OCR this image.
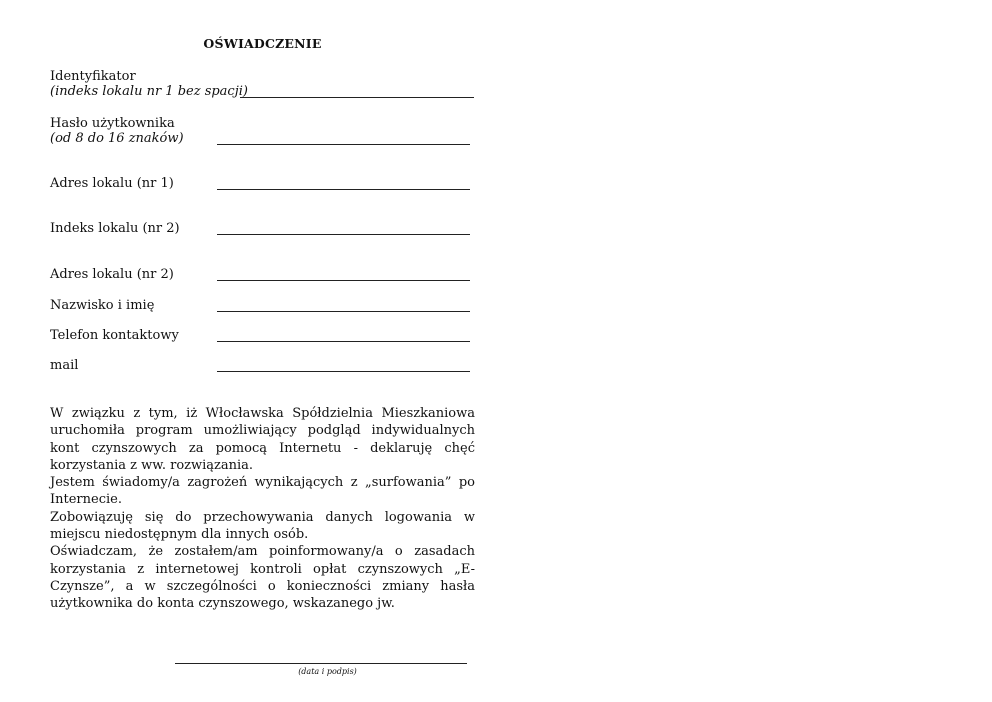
OŚWIADCZENIE
Identyfikator
(indeks lokalu nr 1 bez spacji)
Hasło użytkownika
(od 8 do 16 znaków)
Adres lokalu (nr 1)
Indeks lokalu (nr 2)
Adres lokalu (nr 2)
Nazwisko i imię
Telefon kontaktowy
mail

W związku z tym, iż Włocławska Spółdzielnia Mieszkaniowa uruchomiła program umożliwiający podgląd indywidualnych kont czynszowych za pomocą Internetu - deklaruję chęć korzystania z ww. rozwiązania.

Jestem świadomy/a zagrożeń wynikających z „surfowania” po Internecie.

Zobowiązuję się do przechowywania danych logowania w miejscu niedostępnym dla innych osób.

Oświadczam, że zostałem/am poinformowany/a o zasadach korzystania z internetowej kontroli opłat czynszowych „E-Czynsze”, a w szczególności o konieczności zmiany hasła użytkownika do konta czynszowego, wskazanego jw.

(data i podpis)
